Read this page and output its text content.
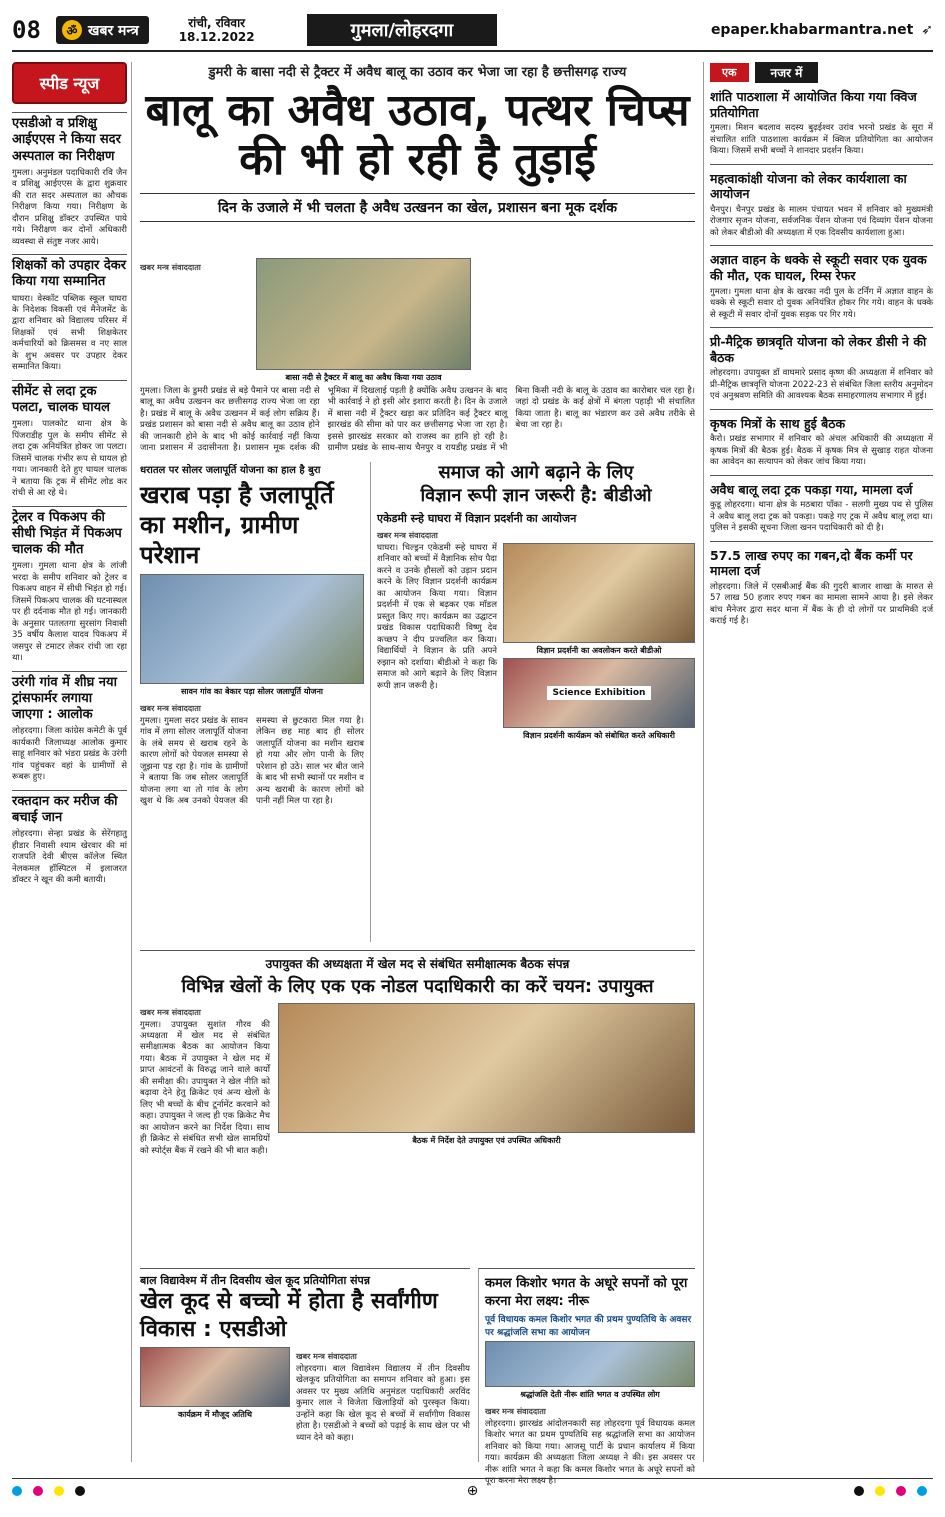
08	ॐ खबर मन्त्र	रांची, रविवार
18.12.2022	गुमला/लोहरदगा	epaper.khabarmantra.net ➶
स्पीड न्यूज
एसडीओ व प्रशिक्षु आईएएस ने किया सदर अस्पताल का निरीक्षण
गुमला। अनुमंडल पदाधिकारी रवि जैन व प्रशिक्षु आईएएस के द्वारा शुक्रवार की रात सदर अस्पताल का औचक निरीक्षण किया गया। निरीक्षण के दौरान प्रशिक्षु डॉक्टर उपस्थित पाये गये। निरीक्षण कर दोनों अधिकारी व्यवस्था से संतुष्ट नजर आये।
शिक्षकों को उपहार देकर किया गया सम्मानित
घाघरा। वेस्कॉट पब्लिक स्कूल घाघरा के निदेशक विकसी एवं मैनेजमेंट के द्वारा शनिवार को विद्यालय परिसर में शिक्षकों एवं सभी शिक्षकेतर कर्मचारियों को क्रिसमस व नए साल के शुभ अवसर पर उपहार देकर सम्मानित किया।
सीमेंट से लदा ट्रक पलटा, चालक घायल
गुमला। पालकोट थाना क्षेत्र के पिंजराडीह पुल के समीप सीमेंट से लदा ट्रक अनियंत्रित होकर जा पलटा। जिसमें चालक गंभीर रूप से घायल हो गया। जानकारी देते हुए घायल चालक ने बताया कि ट्रक में सीमेंट लोड कर रांची से आ रहे थे।
ट्रेलर व पिकअप की सीधी भिड़ंत में पिकअप चालक की मौत
गुमला। गुमला थाना क्षेत्र के लांजी भरदा के समीप शनिवार को ट्रेलर व पिकअप वाहन में सीधी भिड़ंत हो गई। जिसमें पिकअप चालक की घटनास्थल पर ही दर्दनाक मौत हो गई। जानकारी के अनुसार पतलतगा सुरसांग निवासी 35 वर्षीय कैलाश यादव पिकअप में जसपुर से टमाटर लेकर रांची जा रहा था।
उरंगी गांव में शीघ्र नया ट्रांसफार्मर लगाया जाएगा : आलोक
लोहरदगा। जिला कांग्रेस कमेटी के पूर्व कार्यकारी जिलाध्यक्ष आलोक कुमार साहू शनिवार को भंडरा प्रखंड के उरंगी गांव पहुंचकर वहां के ग्रामीणों से रूबरू हुए।
रक्तदान कर मरीज की बचाई जान
लोहरदगा। सेन्हा प्रखंड के सेरेंगहातु हीडार निवासी श्याम खेरवार की मां राजपति देवी बीएस कॉलेज स्थित नेलकमल हॉस्पिटल में इलाजरत डॉक्टर ने खून की कमी बतायी।
डुमरी के बासा नदी से ट्रैक्टर में अवैध बालू का उठाव कर भेजा जा रहा है छत्तीसगढ़ राज्य
बालू का अवैध उठाव, पत्थर चिप्स की भी हो रही है तुड़ाई
दिन के उजाले में भी चलता है अवैध उत्खनन का खेल, प्रशासन बना मूक दर्शक
खबर मन्त्र संवाददाता
बासा नदी से ट्रैक्टर में बालू का अवैध किया गया उठाव
गुमला। जिला के डुमरी प्रखंड से बड़े पैमाने पर बासा नदी से बालू का अवैध उत्खनन कर छत्तीसगढ़ राज्य भेजा जा रहा है। प्रखंड में बालू के अवैध उत्खनन में कई लोग सक्रिय हैं। प्रखंड प्रशासन को बासा नदी से अवैध बालू का उठाव होने की जानकारी होने के बाद भी कोई कार्रवाई नहीं किया जाना प्रशासन में उदासीनता है। प्रशासन मूक दर्शक की भूमिका में दिखलाई पड़ती है क्योंकि अवैध उत्खनन के बाद भी कार्रवाई ने हो इसी ओर इशारा करती है। दिन के उजाले में बासा नदी में ट्रैक्टर खड़ा कर प्रतिदिन कई ट्रैक्टर बालू झारखंड की सीमा को पार कर छत्तीसगढ़ भेजा जा रहा है। इससे झारखंड सरकार को राजस्व का हानि हो रही है। ग्रामीण प्रखंड के साथ-साथ चैनपुर व रायडीह प्रखंड में भी बिना किसी नदी के बालू के उठाव का कारोबार चल रहा है। जहां दो प्रखंड के कई क्षेत्रों में बंगला पहाड़ी भी संचालित किया जाता है। बालू का भंडारण कर उसे अवैध तरीके से बेचा जा रहा है।
धरातल पर सोलर जलापूर्ति योजना का हाल है बुरा
खराब पड़ा है जलापूर्ति का मशीन, ग्रामीण परेशान
सावन गांव का बेकार पड़ा सोलर जलापूर्ति योजना
खबर मन्त्र संवाददाता
गुमला। गुमला सदर प्रखंड के सावन गांव में लगा सोलर जलापूर्ति योजना के लंबे समय से खराब रहने के कारण लोगों को पेयजल समस्या से जूझना पड़ रहा है। गांव के ग्रामीणों ने बताया कि जब सोलर जलापूर्ति योजना लगा था तो गांव के लोग खुश थे कि अब उनको पेयजल की समस्या से छुटकारा मिल गया है। लेकिन छह माह बाद ही सोलर जलापूर्ति योजना का मशीन खराब हो गया और लोग पानी के लिए परेशान हो उठे। साल भर बीत जाने के बाद भी सभी स्थानों पर मशीन व अन्य खराबी के कारण लोगों को पानी नहीं मिल पा रहा है।
समाज को आगे बढ़ाने के लिए
विज्ञान रूपी ज्ञान जरूरी है: बीडीओ
एकेडमी स्न्हे घाघरा में विज्ञान प्रदर्शनी का आयोजन
खबर मन्त्र संवाददाता
घाघरा। चिल्ड्रन एकेडमी स्न्हे घाघरा में शनिवार को बच्चों में वैज्ञानिक सोच पैदा करने व उनके हौसलों को उड़ान प्रदान करने के लिए विज्ञान प्रदर्शनी कार्यक्रम का आयोजन किया गया। विज्ञान प्रदर्शनी में एक से बढ़कर एक मॉडल प्रस्तुत किए गए। कार्यक्रम का उद्घाटन प्रखंड विकास पदाधिकारी विष्णु देव कच्छप ने दीप प्रज्वलित कर किया। विद्यार्थियों ने विज्ञान के प्रति अपने रुझान को दर्शाया। बीडीओ ने कहा कि समाज को आगे बढ़ाने के लिए विज्ञान रूपी ज्ञान जरूरी है।
विज्ञान प्रदर्शनी का अवलोकन करते बीडीओ
Science Exhibition
विज्ञान प्रदर्शनी कार्यक्रम को संबोधित करते अधिकारी
उपायुक्त की अध्यक्षता में खेल मद से संबंधित समीक्षात्मक बैठक संपन्न
विभिन्न खेलों के लिए एक एक नोडल पदाधिकारी का करें चयन: उपायुक्त
खबर मन्त्र संवाददाता
गुमला। उपायुक्त सुशांत गौरव की अध्यक्षता में खेल मद से संबंधित समीक्षात्मक बैठक का आयोजन किया गया। बैठक में उपायुक्त ने खेल मद में प्राप्त आवंटनों के विरुद्ध जाने वाले कार्यों की समीक्षा की। उपायुक्त ने खेल नीति को बढ़ावा देने हेतु क्रिकेट एवं अन्य खेलों के लिए भी बच्चों के बीच टूर्नामेंट करवाने को कहा। उपायुक्त ने जल्द ही एक क्रिकेट मैच का आयोजन करने का निर्देश दिया। साथ ही क्रिकेट से संबंधित सभी खेल सामग्रियों को स्पोर्ट्स बैंक में रखने की भी बात कही।
बैठक में निर्देश देते उपायुक्त एवं उपस्थित अधिकारी
बाल विद्यावेश्म में तीन दिवसीय खेल कूद प्रतियोगिता संपन्न
खेल कूद से बच्चो में होता है सर्वांगीण विकास : एसडीओ
कार्यक्रम में मौजूद अतिथि
खबर मन्त्र संवाददाता
लोहरदगा। बाल विद्यावेश्म विद्यालय में तीन दिवसीय खेलकूद प्रतियोगिता का समापन शनिवार को हुआ। इस अवसर पर मुख्य अतिथि अनुमंडल पदाधिकारी अरविंद कुमार लाल ने विजेता खिलाड़ियों को पुरस्कृत किया। उन्होंने कहा कि खेल कूद से बच्चों में सर्वांगीण विकास होता है। एसडीओ ने बच्चों को पढ़ाई के साथ खेल पर भी ध्यान देने को कहा।
कमल किशोर भगत के अधूरे सपनों को पूरा करना मेरा लक्ष्य: नीरू
पूर्व विधायक कमल किशोर भगत की प्रथम पुण्यतिथि के अवसर पर श्रद्धांजलि सभा का आयोजन
श्रद्धांजलि देती नीरू शांति भगत व उपस्थित लोग
खबर मन्त्र संवाददाता
लोहरदगा। झारखंड आंदोलनकारी सह लोहरदगा पूर्व विधायक कमल किशोर भगत का प्रथम पुण्यतिथि सह श्रद्धांजलि सभा का आयोजन शनिवार को किया गया। आजसू पार्टी के प्रधान कार्यालय में किया गया। कार्यक्रम की अध्यक्षता जिला अध्यक्ष ने की। इस अवसर पर नीरू शांति भगत ने कहा कि कमल किशोर भगत के अधूरे सपनों को पूरा करना मेरा लक्ष्य है।
एक	नजर में
शांति पाठशाला में आयोजित किया गया क्विज प्रतियोगिता
गुमला। मिशन बदलाव सदस्य बुढ़ईश्वर उरांव भरनो प्रखंड के सूरा में संचालित शांति पाठशाला कार्यक्रम में क्विज प्रतियोगिता का आयोजन किया। जिसमें सभी बच्चों ने शानदार प्रदर्शन किया।
महत्वाकांक्षी योजना को लेकर कार्यशाला का आयोजन
चैनपुर। चैनपुर प्रखंड के मालम पंचायत भवन में शनिवार को मुख्यमंत्री रोजगार सृजन योजना, सर्वजनिक पेंशन योजना एवं दिव्यांग पेंशन योजना को लेकर बीडीओ की अध्यक्षता में एक दिवसीय कार्यशाला हुआ।
अज्ञात वाहन के धक्के से स्कूटी सवार एक युवक की मौत, एक घायल, रिम्स रेफर
गुमला। गुमला थाना क्षेत्र के खरका नदी पुल के टर्निंग में अज्ञात वाहन के धक्के से स्कूटी सवार दो युवक अनियंत्रित होकर गिर गये। वाहन के धक्के से स्कूटी में सवार दोनों युवक सड़क पर गिर गये।
प्री-मैट्रिक छात्रवृति योजना को लेकर डीसी ने की बैठक
लोहरदगा। उपायुक्त डॉ वाघमारे प्रसाद कृष्ण की अध्यक्षता में शनिवार को प्री-मैट्रिक छात्रवृत्ति योजना 2022-23 से संबंधित जिला स्तरीय अनुमोदन एवं अनुश्रवण समिति की आवश्यक बैठक समाहरणालय सभागार में हुई।
कृषक मित्रों के साथ हुई बैठक
कैरो। प्रखंड सभागार में शनिवार को अंचल अधिकारी की अध्यक्षता में कृषक मित्रों की बैठक हुई। बैठक में कृषक मित्र से सुखाड़ राहत योजना का आवेदन का सत्यापन को लेकर जांच किया गया।
अवैध बालू लदा ट्रक पकड़ा गया, मामला दर्ज
कुडू लोहरदगा। थाना क्षेत्र के मठबारा पाँका - सलगी मुख्य पथ से पुलिस ने अवैध बालू लदा ट्रक को पकड़ा। पकड़े गए ट्रक में अवैध बालू लदा था। पुलिस ने इसकी सूचना जिला खनन पदाधिकारी को दी है।
57.5 लाख रुपए का गबन,दो बैंक कर्मी पर मामला दर्ज
लोहरदगा। जिले में एसबीआई बैंक की गुदरी बाजार शाखा के मारुत से 57 लाख 50 हजार रुपए गबन का मामला सामने आया है। इसे लेकर बांच मैनेजर द्वारा सदर थाना में बैंक के ही दो लोगों पर प्राथमिकी दर्ज कराई गई है।

⊕
